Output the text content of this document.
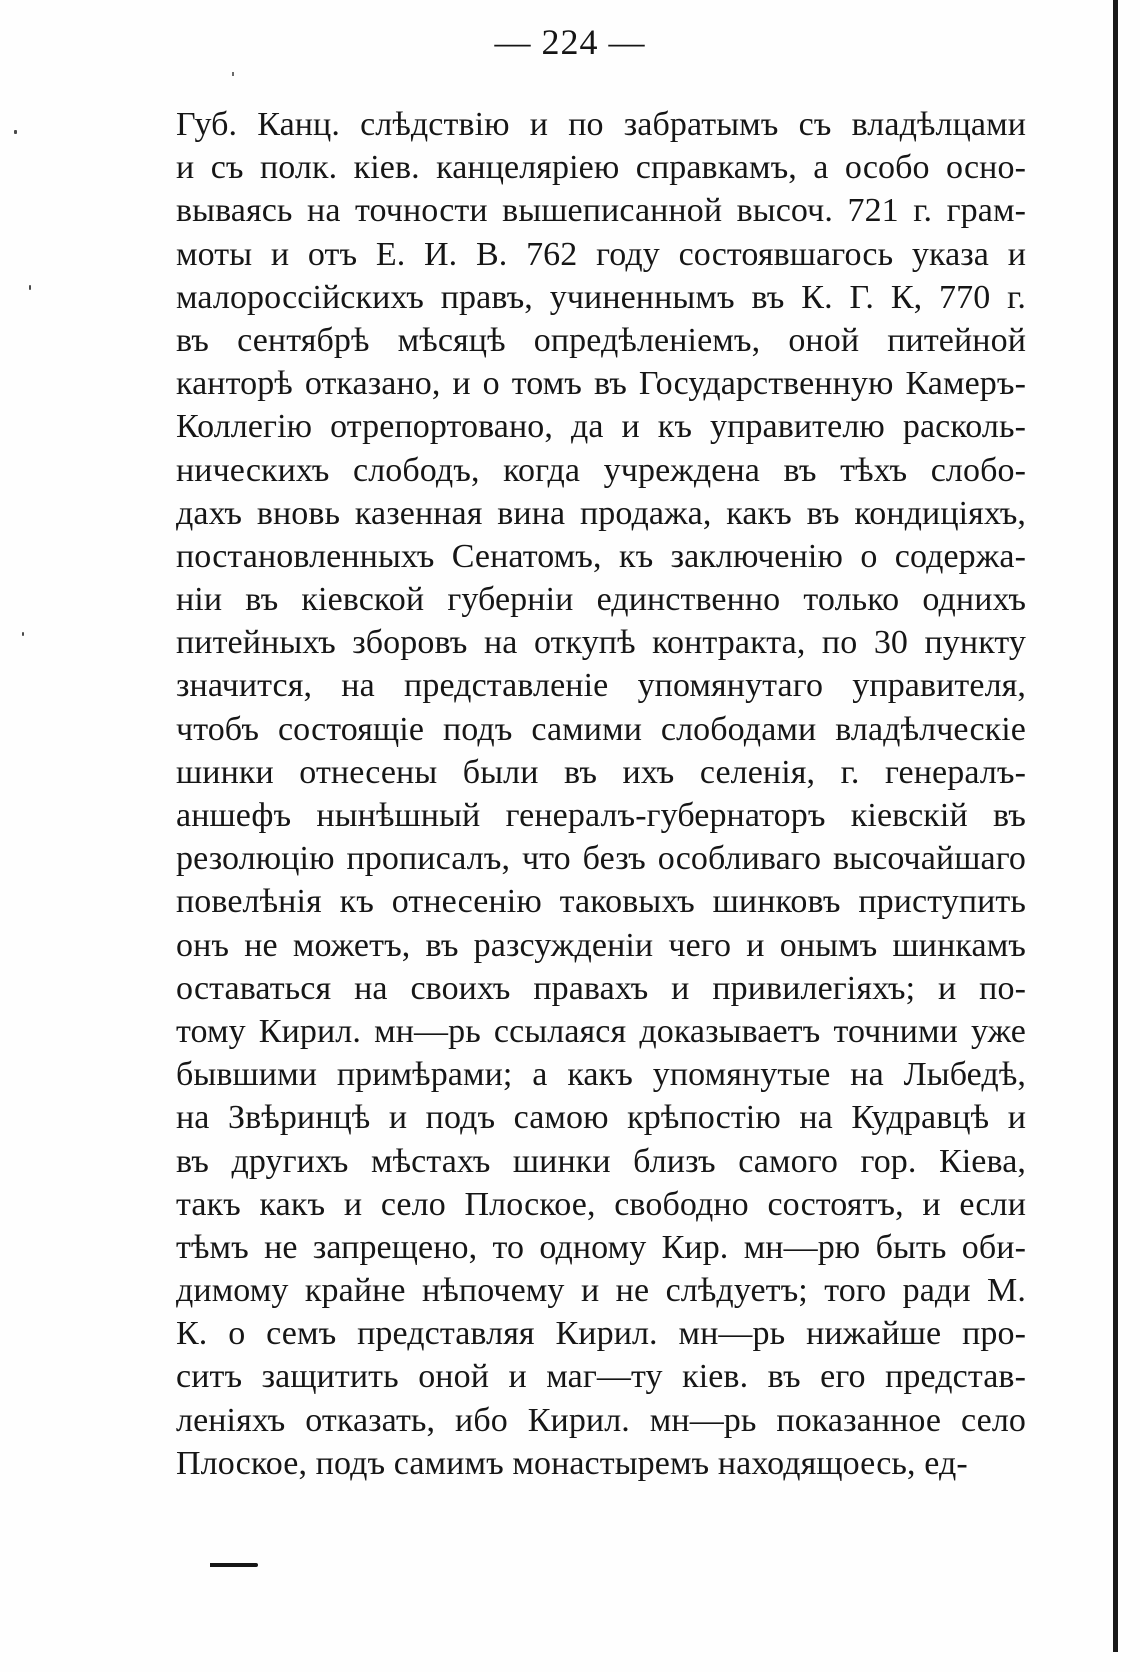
— 224 —
Губ. Канц. слѣдствію и по забратымъ съ владѣлцами
и съ полк. кіев. канцеляріею справкамъ, а особо осно-
вываясь на точности вышеписанной высоч. 721 г. грам-
моты и отъ Е. И. В. 762 году состоявшагось указа и
малороссійскихъ правъ, учиненнымъ въ К. Г. К, 770 г.
въ сентябрѣ мѣсяцѣ опредѣленіемъ, оной питейной
канторѣ отказано, и о томъ въ Государственную Камеръ-
Коллегію отрепортовано, да и къ управителю расколь-
ническихъ слободъ, когда учреждена въ тѣхъ слобо-
дахъ вновь казенная вина продажа, какъ въ кондиціяхъ,
постановленныхъ Сенатомъ, къ заключенію о содержа-
ніи въ кіевской губерніи единственно только однихъ
питейныхъ зборовъ на откупѣ контракта, по 30 пункту
значится, на представленіе упомянутаго управителя,
чтобъ состоящіе подъ самими слободами владѣлческіе
шинки отнесены были въ ихъ селенія, г. генералъ-
аншефъ нынѣшный генералъ-губернаторъ кіевскій въ
резолюцію прописалъ, что безъ особливаго высочайшаго
повелѣнія къ отнесенію таковыхъ шинковъ приступить
онъ не можетъ, въ разсужденіи чего и онымъ шинкамъ
оставаться на своихъ правахъ и привилегіяхъ; и по-
тому Кирил. мн—рь ссылаяся доказываетъ точними уже
бывшими примѣрами; а какъ упомянутые на Лыбедѣ,
на Звѣринцѣ и подъ самою крѣпостію на Кудравцѣ и
въ другихъ мѣстахъ шинки близъ самого гор. Кіева,
такъ какъ и село Плоское, свободно состоятъ, и если
тѣмъ не запрещено, то одному Кир. мн—рю быть оби-
димому крайне нѣпочему и не слѣдуетъ; того ради М.
К. о семъ представляя Кирил. мн—рь нижайше про-
ситъ защитить оной и маг—ту кіев. въ его представ-
леніяхъ отказать, ибо Кирил. мн—рь показанное село
Плоское, подъ самимъ монастыремъ находящоесь, ед-
